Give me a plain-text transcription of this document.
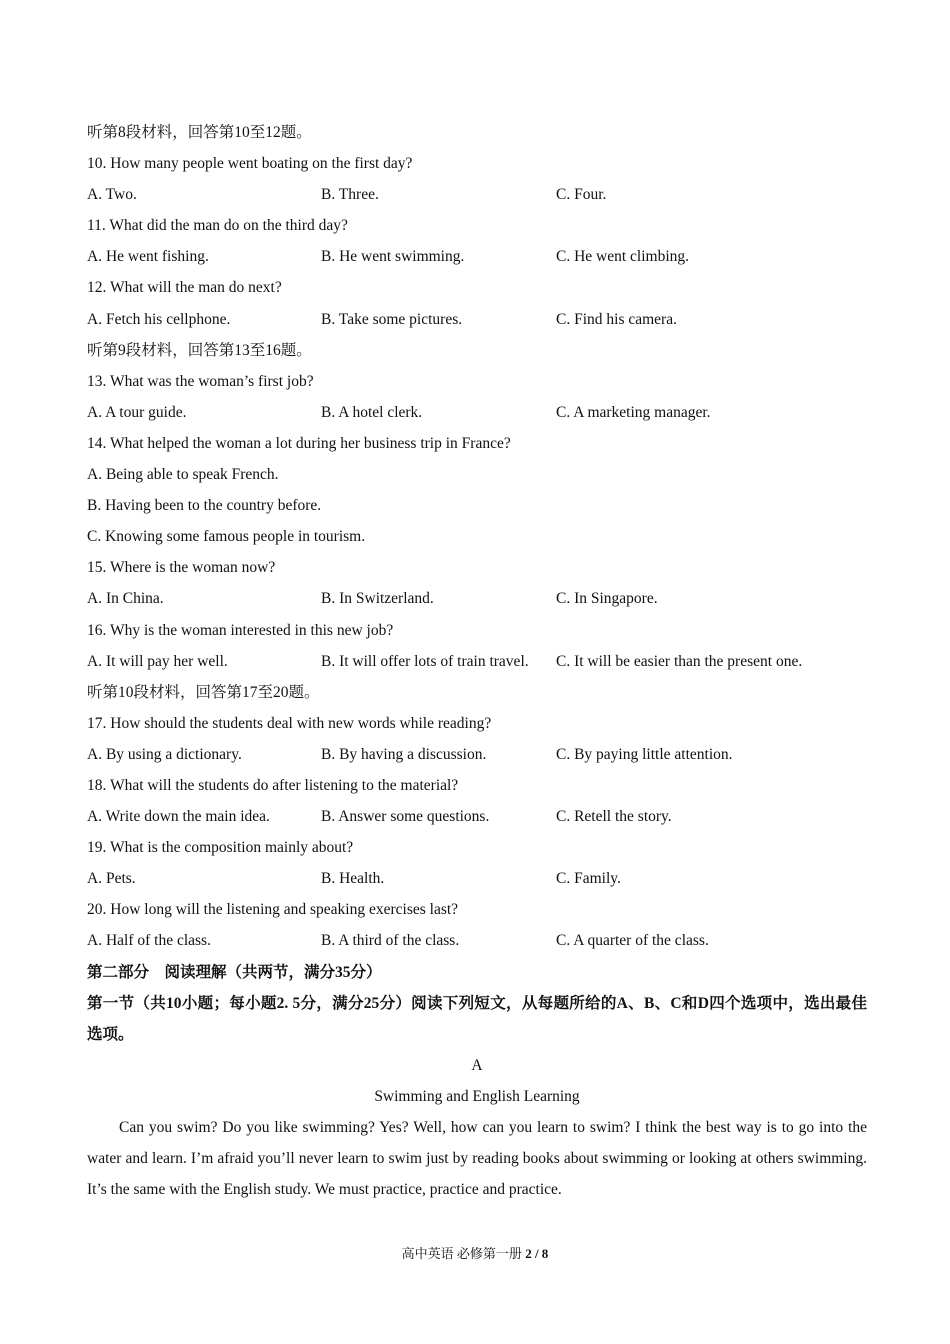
听第8段材料，回答第10至12题。
10. How many people went boating on the first day?
A. Two.	B. Three.	C. Four.
11. What did the man do on the third day?
A. He went fishing.	B. He went swimming.	C. He went climbing.
12. What will the man do next?
A. Fetch his cellphone.	B. Take some pictures.	C. Find his camera.
听第9段材料，回答第13至16题。
13. What was the woman’s first job?
A. A tour guide.	B. A hotel clerk.	C. A marketing manager.
14. What helped the woman a lot during her business trip in France?
A. Being able to speak French.
B. Having been to the country before.
C. Knowing some famous people in tourism.
15. Where is the woman now?
A. In China.	B. In Switzerland.	C. In Singapore.
16. Why is the woman interested in this new job?
A. It will pay her well.	B. It will offer lots of train travel.	C. It will be easier than the present one.
听第10段材料，回答第17至20题。
17. How should the students deal with new words while reading?
A. By using a dictionary.	B. By having a discussion.	C. By paying little attention.
18. What will the students do after listening to the material?
A. Write down the main idea.	B. Answer some questions.	C. Retell the story.
19. What is the composition mainly about?
A. Pets.	B. Health.	C. Family.
20. How long will the listening and speaking exercises last?
A. Half of the class.	B. A third of the class.	C. A quarter of the class.
第二部分　阅读理解（共两节，满分35分）
第一节（共10小题；每小题2. 5分，满分25分）阅读下列短文，从每题所给的A、B、C和D四个选项中，选出最佳选项。
A
Swimming and English Learning
Can you swim? Do you like swimming? Yes? Well, how can you learn to swim? I think the best way is to go into the water and learn. I’m afraid you’ll never learn to swim just by reading books about swimming or looking at others swimming. It’s the same with the English study. We must practice, practice and practice.
高中英语 必修第一册 2 / 8
